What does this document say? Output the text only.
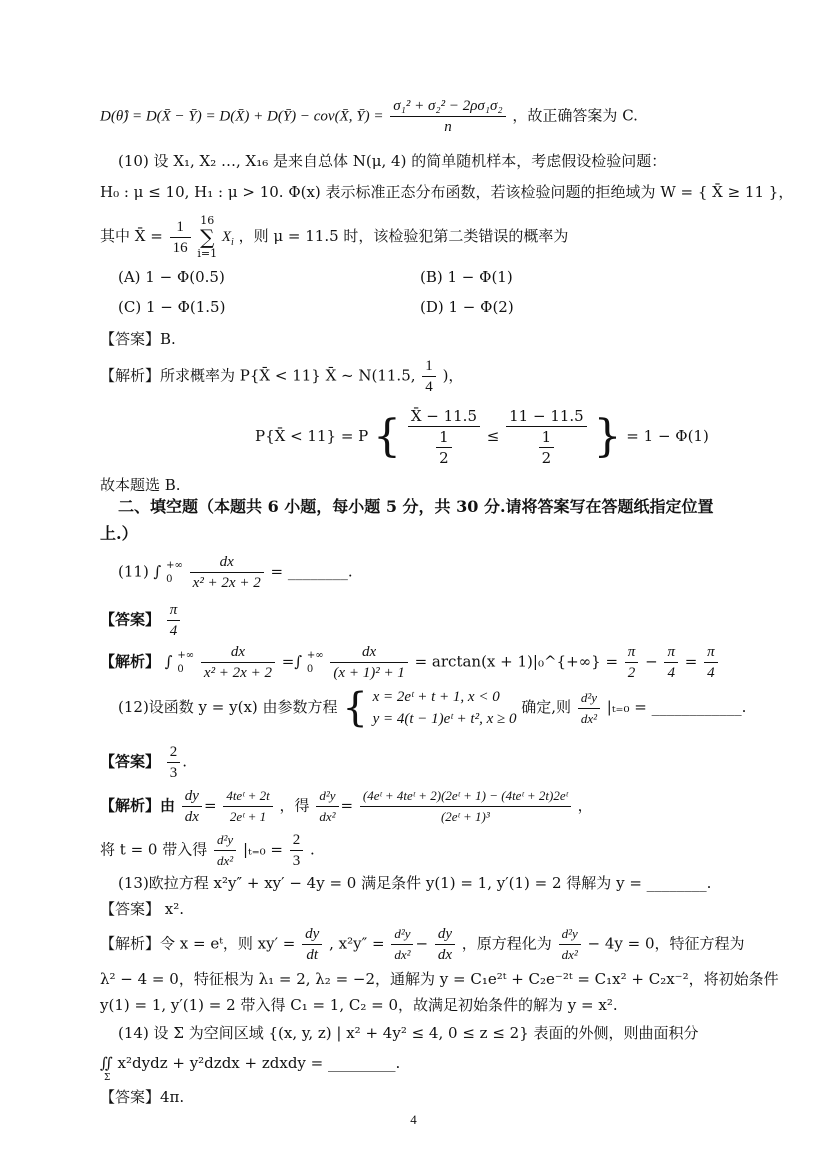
D(θ̂) = D(X̄ − Ȳ) = D(X̄) + D(Ȳ) − cov(X̄, Ȳ) = $\frac{\text{σ₁² + σ₂² − 2ρσ₁σ₂}}{n}$ ，故正确答案为 C.
(10) 设 X₁, X₂ …, X₁₆ 是来自总体 N(μ, 4) 的简单随机样本，考虑假设检验问题：
H₀ : μ ≤ 10, H₁ : μ > 10. Φ(x) 表示标准正态分布函数，若该检验问题的拒绝域为 W = { X̄ ≥ 11 }，
其中 X̄ = $\frac{1}{16}$
16
∑
i=1
$X_i$ ，则 μ = 11.5 时，该检验犯第二类错误的概率为
(A) 1 − Φ(0.5)	(B) 1 − Φ(1)
(C) 1 − Φ(1.5)	(D) 1 − Φ(2)
【答案】B.
【解析】所求概率为 P{X̄ < 11} X̄ ~ N(11.5, $\frac{1}{4}$ )，
P{X̄ < 11} = P { $\frac{X̄ - 11.5}{\frac{1}{2}} \le \frac{11 - 11.5}{\frac{1}{2}}$ } = 1 − Φ(1)
故本题选 B.
二、填空题（本题共 6 小题，每小题 5 分，共 30 分.请将答案写在答题纸指定位置
上.）
(11) ∫ +∞
0
	$\frac{dx}{\text{x² + 2x + 2}}$ = ________.
【答案】 $\frac{\pi}{4}$
【解析】 ∫ +∞
0
	$\frac{dx}{\text{x² + 2x + 2}}$ =∫ +∞
0
	$\frac{dx}{\text{(x + 1)² + 1}} = \arctan(x$ + 1)|₀^{+∞} = $\frac{\pi}{2} - \frac{\pi}{4} = \frac{\pi}{4}$
(12)设函数 y = y(x) 由参数方程 { x = 2eᵗ + t + 1, x < 0
y = 4(t − 1)eᵗ + t², x ≥ 0
确定,则 $\frac{\text{d²y}}{\text{dx²}} |_{t=0}$ = ____________.
【答案】 $\frac{2}{3}$ .
【解析】由 $\frac{dy}{dx} = \frac{\text{4teᵗ + 2t}}{\text{2eᵗ + 1}}$ ，得 $\frac{\text{d²y}}{\text{dx²}} = \frac{\text{(4eᵗ + 4teᵗ + 2)(2eᵗ + 1) − (4teᵗ + 2t)2eᵗ}}{\text{(2eᵗ + 1)³}}$ ，
将 t = 0 带入得 $\frac{\text{d²y}}{\text{dx²}} |_{t=0} = \frac{2}{3}$ .
(13)欧拉方程 x²y″ + xy′ − 4y = 0 满足条件 y(1) = 1, y′(1) = 2 得解为 y = ________.
【答案】 x².
【解析】令 x = eᵗ，则 $xy' = \frac{dy}{dt}$ , $x^2y'' = \frac{\text{d²y}}{\text{dx²}} - \frac{dy}{dx}$ ，原方程化为 $\frac{\text{d²y}}{\text{dx²}} - 4y = 0$，特征方程为
λ² − 4 = 0，特征根为 λ₁ = 2, λ₂ = −2，通解为 y = C₁e²ᵗ + C₂e⁻²ᵗ = C₁x² + C₂x⁻²，将初始条件
y(1) = 1, y′(1) = 2 带入得 C₁ = 1, C₂ = 0，故满足初始条件的解为 y = x².
(14) 设 Σ 为空间区域 {(x, y, z) | x² + 4y² ≤ 4, 0 ≤ z ≤ 2} 表面的外侧，则曲面积分
∬ x²dydz + y²dzdx + zdxdy = _________.
Σ
【答案】4π.
4
